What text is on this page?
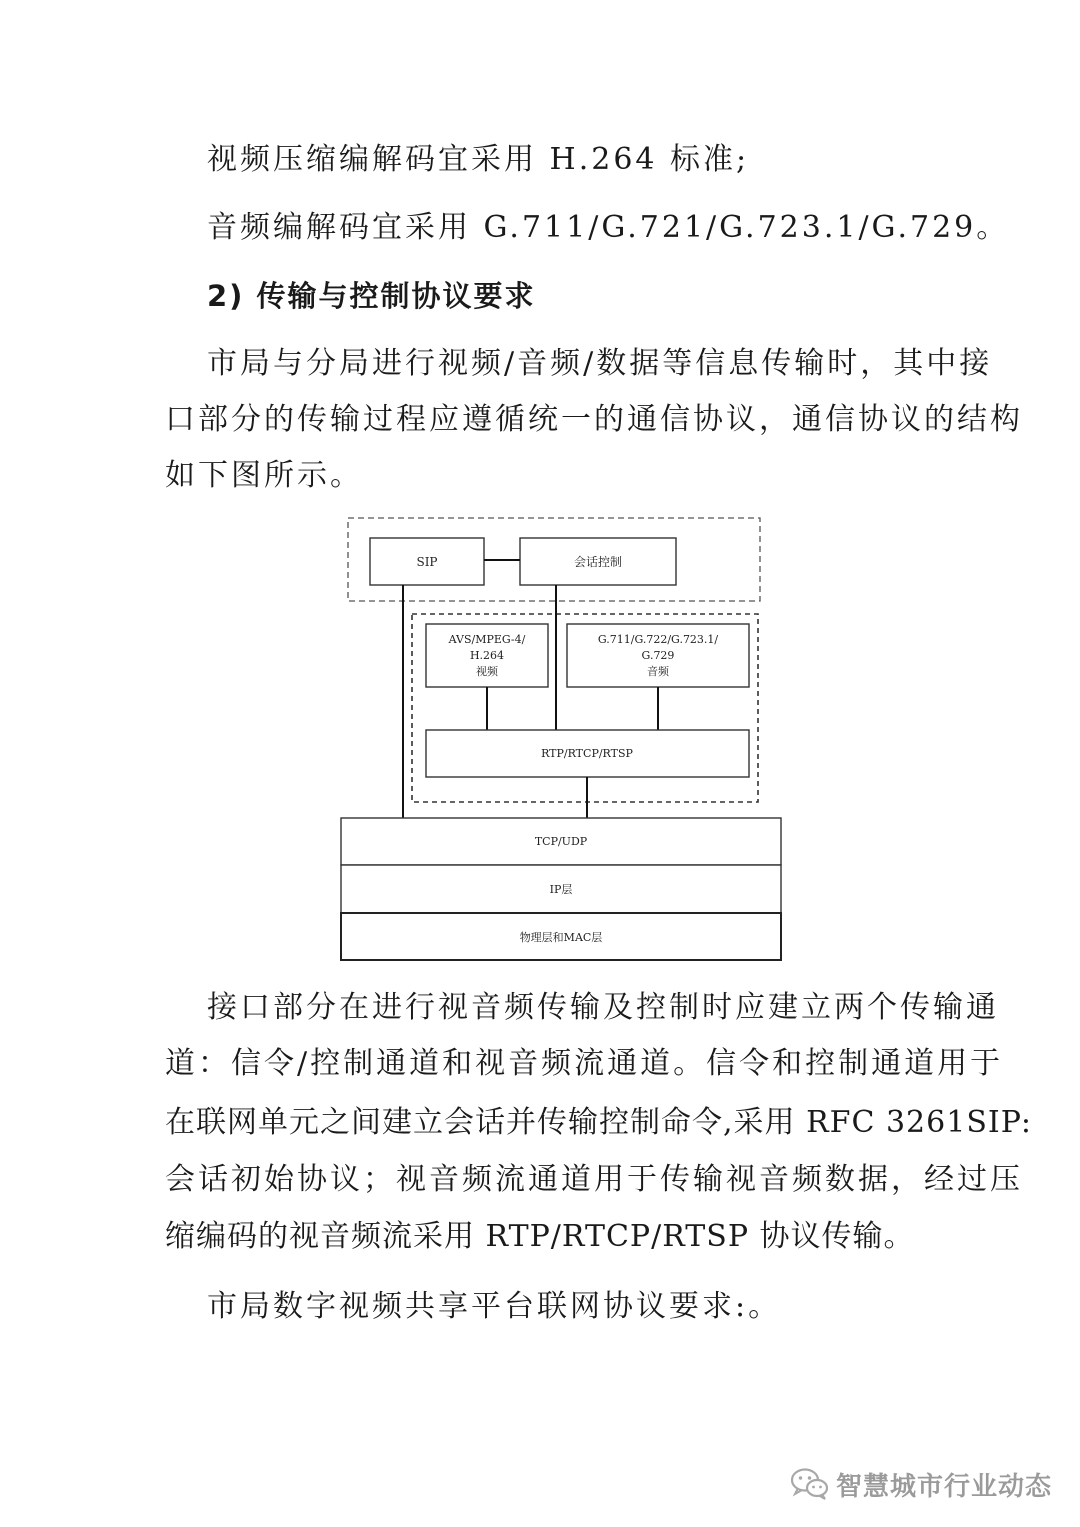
视频压缩编解码宜采用 H.264 标准;
音频编解码宜采用 G.711/G.721/G.723.1/G.729。
2) 传输与控制协议要求
市局与分局进行视频/音频/数据等信息传输时，其中接
口部分的传输过程应遵循统一的通信协议，通信协议的结构
如下图所示。
SIP	会话控制
AVS/MPEG-4/
H.264
视频
G.711/G.722/G.723.1/
G.729
音频
RTP/RTCP/RTSP
TCP/UDP
IP层
物理层和MAC层
接口部分在进行视音频传输及控制时应建立两个传输通
道：信令/控制通道和视音频流通道。信令和控制通道用于
在联网单元之间建立会话并传输控制命令,采用 RFC 3261SIP:
会话初始协议；视音频流通道用于传输视音频数据，经过压
缩编码的视音频流采用 RTP/RTCP/RTSP 协议传输。
市局数字视频共享平台联网协议要求:。
智慧城市行业动态
